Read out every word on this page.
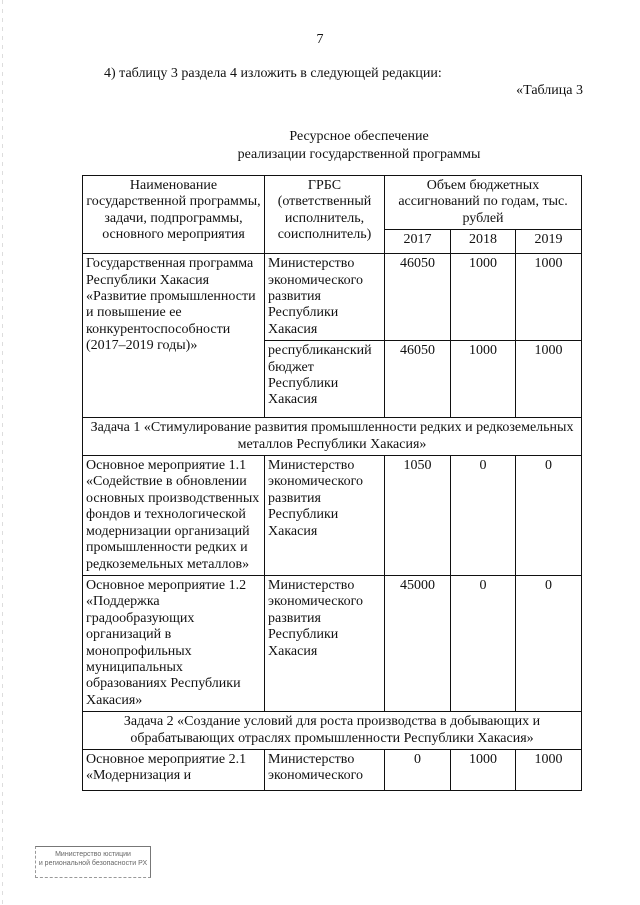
7
4) таблицу 3 раздела 4 изложить в следующей редакции:
«Таблица 3
Ресурсное обеспечение
реализации государственной программы
Наименование государственной программы, задачи, подпрограммы, основного мероприятия	ГРБС (ответственный исполнитель, соисполнитель)	Объем бюджетных ассигнований по годам, тыс. рублей		
		2017	2018	2019
Государственная программа Республики Хакасия «Развитие промышленности и повышение ее конкурентоспособности (2017–2019 годы)»	Министерство экономического развития Республики Хакасия	46050	1000	1000
	республиканский бюджет Республики Хакасия	46050	1000	1000
Задача 1 «Стимулирование развития промышленности редких и редкоземельных металлов Республики Хакасия»				
Основное мероприятие 1.1 «Содействие в обновлении основных производственных фондов и технологической модернизации организаций промышленности редких и редкоземельных металлов»	Министерство экономического развития Республики Хакасия	1050	0	0
Основное мероприятие 1.2 «Поддержка градообразующих организаций в монопрофильных муниципальных образованиях Республики Хакасия»	Министерство экономического развития Республики Хакасия	45000	0	0
Задача 2 «Создание условий для роста производства в добывающих и обрабатывающих отраслях промышленности Республики Хакасия»				
Основное мероприятие 2.1 «Модернизация и	Министерство экономического	0	1000	1000
Министерство юстиции
и региональной безопасности РХ
